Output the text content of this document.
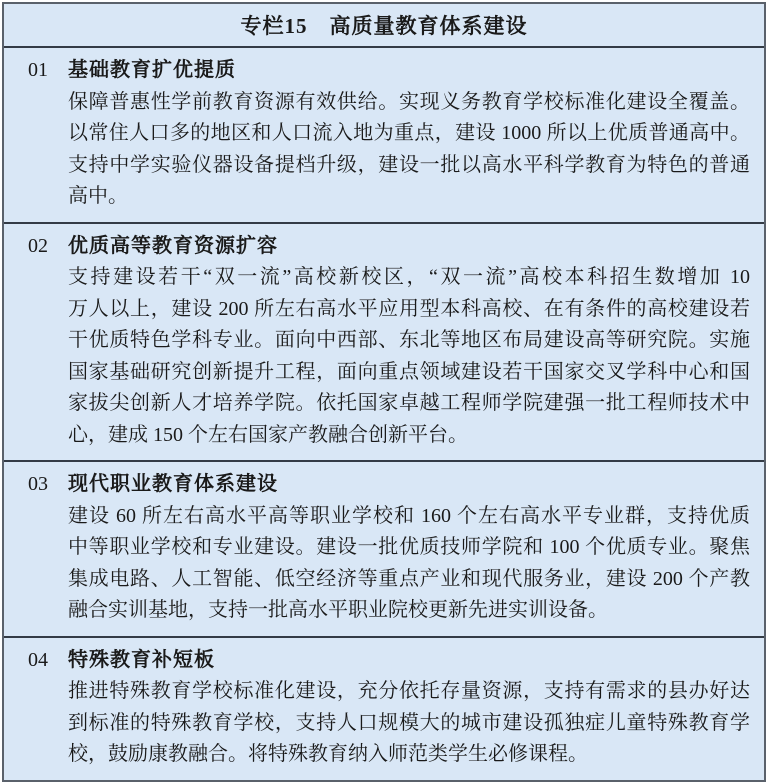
专栏15　高质量教育体系建设
01 基础教育扩优提质

保障普惠性学前教育资源有效供给。实现义务教育学校标准化建设全覆盖。

以常住人口多的地区和人口流入地为重点，建设 1000 所以上优质普通高中。

支持中学实验仪器设备提档升级，建设一批以高水平科学教育为特色的普通

高中。

02 优质高等教育资源扩容

支持建设若干“双一流”高校新校区，“双一流”高校本科招生数增加 10

万人以上，建设 200 所左右高水平应用型本科高校、在有条件的高校建设若

干优质特色学科专业。面向中西部、东北等地区布局建设高等研究院。实施

国家基础研究创新提升工程，面向重点领域建设若干国家交叉学科中心和国

家拔尖创新人才培养学院。依托国家卓越工程师学院建强一批工程师技术中

心，建成 150 个左右国家产教融合创新平台。

03 现代职业教育体系建设

建设 60 所左右高水平高等职业学校和 160 个左右高水平专业群，支持优质

中等职业学校和专业建设。建设一批优质技师学院和 100 个优质专业。聚焦

集成电路、人工智能、低空经济等重点产业和现代服务业，建设 200 个产教

融合实训基地，支持一批高水平职业院校更新先进实训设备。

04 特殊教育补短板

推进特殊教育学校标准化建设，充分依托存量资源，支持有需求的县办好达

到标准的特殊教育学校，支持人口规模大的城市建设孤独症儿童特殊教育学

校，鼓励康教融合。将特殊教育纳入师范类学生必修课程。
